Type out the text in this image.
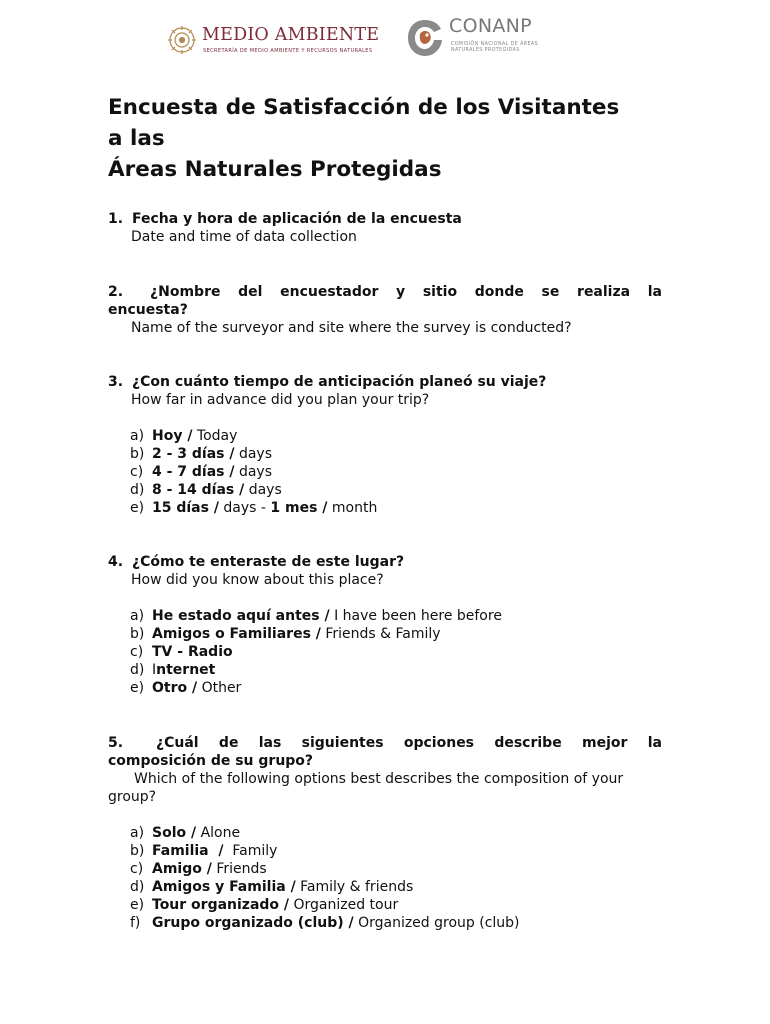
MEDIO AMBIENTE
SECRETARÍA DE MEDIO AMBIENTE Y RECURSOS NATURALES
CONANP
COMISIÓN NACIONAL DE ÁREAS
NATURALES PROTEGIDAS
Encuesta de Satisfacción de los Visitantes
a las
Áreas Naturales Protegidas
1. Fecha y hora de aplicación de la encuesta
Date and time of data collection
2. ¿Nombre del encuestador y sitio donde se realiza la
encuesta?
Name of the surveyor and site where the survey is conducted?
3. ¿Con cuánto tiempo de anticipación planeó su viaje?
How far in advance did you plan your trip?
a) Hoy /
Today
b) 2 - 3 días /
days
c) 4 - 7 días /
days
d) 8 - 14 días /
days
e) 15 días /
days -
1 mes /
month
4. ¿Cómo te enteraste de este lugar?
How did you know about this place?
a) He estado aquí antes /
I have been here before
b) Amigos o Familiares /
Friends & Family
c) TV - Radio
d) I nternet
e) Otro /
Other
5. ¿Cuál de las siguientes opciones describe mejor la
composición de su grupo?
Which of the following options best describes the composition of your group?
a) Solo /
Alone
b) Familia  /
Family
c) Amigo /
Friends
d) Amigos y Familia /
Family & friends
e) Tour organizado /
Organized tour
f) Grupo organizado (club) /
Organized group (club)
